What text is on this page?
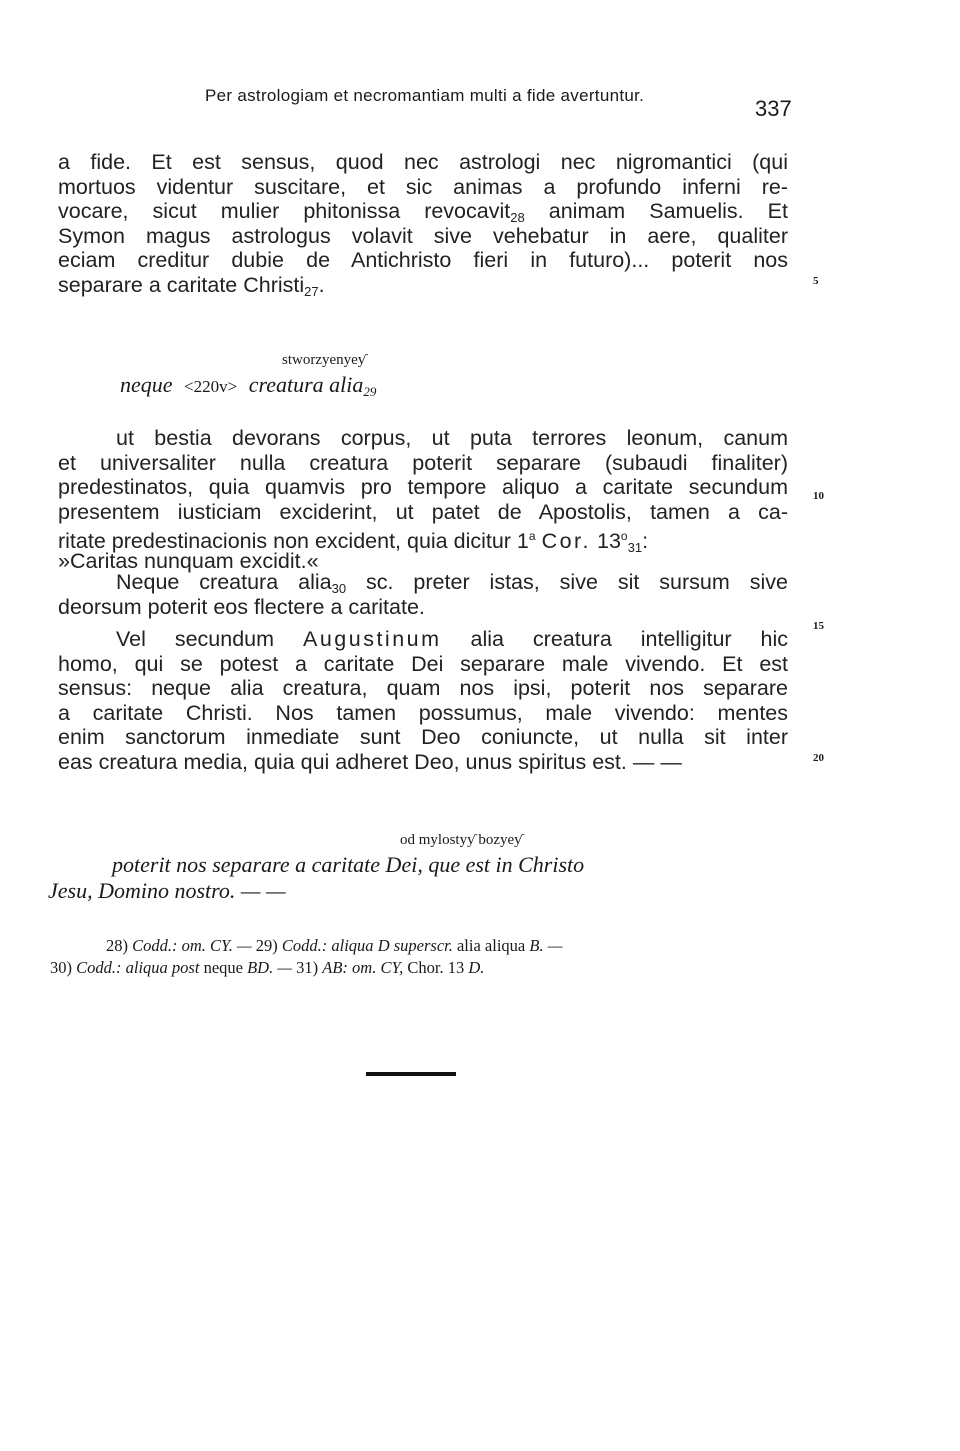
Per astrologiam et necromantiam multi a fide avertuntur.
337
a fide. Et est sensus, quod nec astrologi nec nigromantici (qui
mortuos videntur suscitare, et sic animas a profundo inferni re-
vocare, sicut mulier phitonissa revocavit$_{28}$ animam Samuelis. Et
Symon magus astrologus volavit sive vehebatur in aere, qualiter
eciam creditur dubie de Antichristo fieri in futuro)... poterit nos
separare a caritate Christi$_{27}$.	5
stworzyenyeƴ
neque <220v> creatura alia$_{29}$
ut bestia devorans corpus, ut puta terrores leonum, canum
et universaliter nulla creatura poterit separare (subaudi finaliter)
predestinatos, quia quamvis pro tempore aliquo a caritate secundum
presentem iusticiam exciderint, ut patet de Apostolis, tamen a ca-
ritate predestinacionis non excident, quia dicitur 1$^a$ Cor. $13^o_{31}$:
»Caritas nunquam excidit.«
10
Neque creatura alia$_{30}$ sc. preter istas, sive sit sursum sive
deorsum poterit eos flectere a caritate.
15
Vel secundum Augustinum alia creatura intelligitur hic
homo, qui se potest a caritate Dei separare male vivendo. Et est
sensus: neque alia creatura, quam nos ipsi, poterit nos separare
a caritate Christi. Nos tamen possumus, male vivendo: mentes
enim sanctorum inmediate sunt Deo coniuncte, ut nulla sit inter
eas creatura media, quia qui adheret Deo, unus spiritus est. — —	20
od mylostyƴ bozyeƴ
poterit nos separare a caritate Dei, que est in Christo
Jesu, Domino nostro. — —
28) Codd.: om. CY. — 29) Codd.: aliqua D superscr. alia aliqua B. —
30) Codd.: aliqua post neque BD. — 31) AB: om. CY, Chor. 13 D.
